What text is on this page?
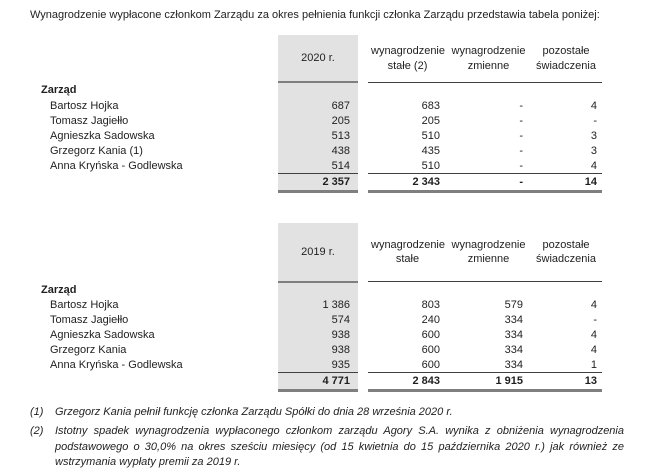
Wynagrodzenie wypłacone członkom Zarządu za okres pełnienia funkcji członka Zarządu przedstawia tabela poniżej:

	2020 r.		wynagrodzenie stałe (2)	wynagrodzenie zmienne	pozostałe świadczenia
Zarząd					
Bartosz Hojka	687		683	-	4
Tomasz Jagiełło	205		205	-	-
Agnieszka Sadowska	513		510	-	3
Grzegorz Kania (1)	438		435	-	3
Anna Kryńska - Godlewska	514		510	-	4
	2 357		2 343	-	14
	2019 r.		wynagrodzenie stałe	wynagrodzenie zmienne	pozostałe świadczenia
Zarząd					
Bartosz Hojka	1 386		803	579	4
Tomasz Jagiełło	574		240	334	-
Agnieszka Sadowska	938		600	334	4
Grzegorz Kania	938		600	334	4
Anna Kryńska - Godlewska	935		600	334	1
	4 771		2 843	1 915	13
(1)	Grzegorz Kania pełnił funkcję członka Zarządu Spółki do dnia 28 września 2020 r.
(2)	Istotny spadek wynagrodzenia wypłaconego członkom zarządu Agory S.A. wynika z obniżenia wynagrodzenia podstawowego o 30,0% na okres sześciu miesięcy (od 15 kwietnia do 15 października 2020 r.) jak również ze wstrzymania wypłaty premii za 2019 r.
